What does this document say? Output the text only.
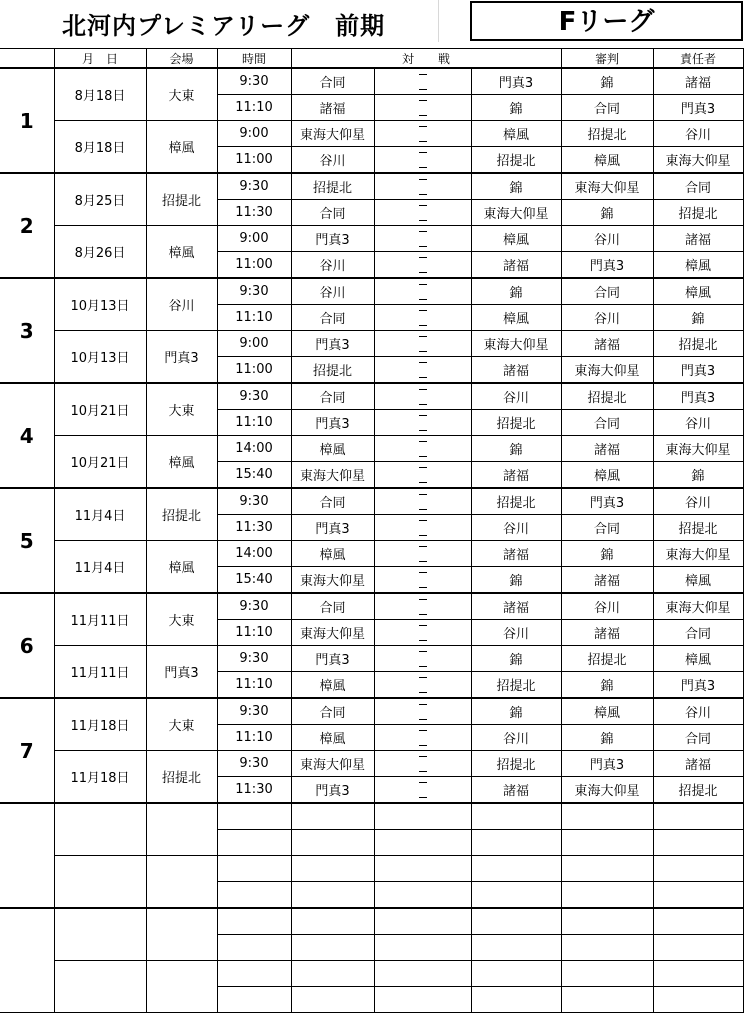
北河内プレミアリーグ　前期	Fリーグ
	月　日	会場	時間	対　　戦			審判	責任者
1	8月18日	大東	9:30	合同		門真3	錦	諸福
			11:10	諸福		錦	合同	門真3
	8月18日	樟風	9:00	東海大仰星		樟風	招提北	谷川
			11:00	谷川		招提北	樟風	東海大仰星
2	8月25日	招提北	9:30	招提北		錦	東海大仰星	合同
			11:30	合同		東海大仰星	錦	招提北
	8月26日	樟風	9:00	門真3		樟風	谷川	諸福
			11:00	谷川		諸福	門真3	樟風
3	10月13日	谷川	9:30	谷川		錦	合同	樟風
			11:10	合同		樟風	谷川	錦
	10月13日	門真3	9:00	門真3		東海大仰星	諸福	招提北
			11:00	招提北		諸福	東海大仰星	門真3
4	10月21日	大東	9:30	合同		谷川	招提北	門真3
			11:10	門真3		招提北	合同	谷川
	10月21日	樟風	14:00	樟風		錦	諸福	東海大仰星
			15:40	東海大仰星		諸福	樟風	錦
5	11月4日	招提北	9:30	合同		招提北	門真3	谷川
			11:30	門真3		谷川	合同	招提北
	11月4日	樟風	14:00	樟風		諸福	錦	東海大仰星
			15:40	東海大仰星		錦	諸福	樟風
6	11月11日	大東	9:30	合同		諸福	谷川	東海大仰星
			11:10	東海大仰星		谷川	諸福	合同
	11月11日	門真3	9:30	門真3		錦	招提北	樟風
			11:10	樟風		招提北	錦	門真3
7	11月18日	大東	9:30	合同		錦	樟風	谷川
			11:10	樟風		谷川	錦	合同
	11月18日	招提北	9:30	東海大仰星		招提北	門真3	諸福
			11:30	門真3		諸福	東海大仰星	招提北
